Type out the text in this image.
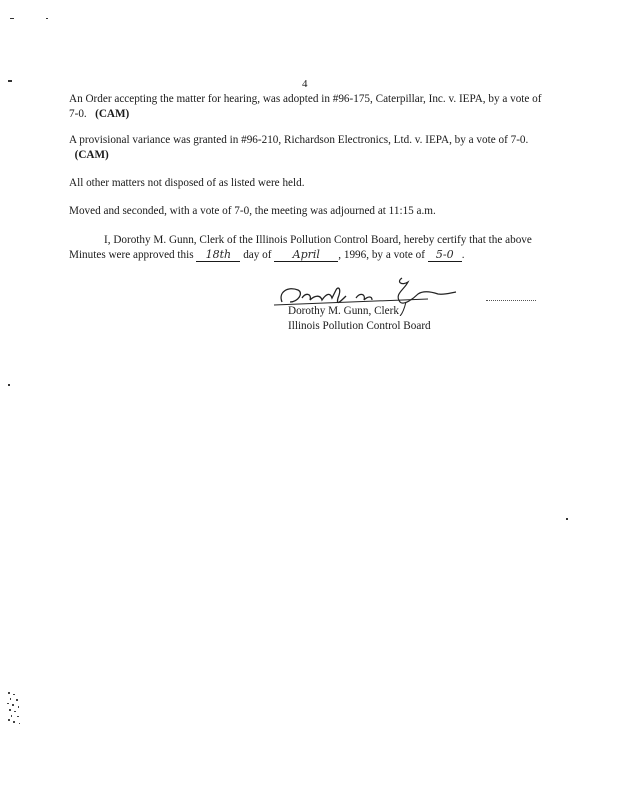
4
An Order accepting the matter for hearing, was adopted in #96-175, Caterpillar, Inc. v. IEPA, by a vote of 7-0. (CAM)
A provisional variance was granted in #96-210, Richardson Electronics, Ltd. v. IEPA, by a vote of 7-0.   (CAM)
All other matters not disposed of as listed were held.
Moved and seconded, with a vote of 7-0, the meeting was adjourned at 11:15 a.m.
I, Dorothy M. Gunn, Clerk of the Illinois Pollution Control Board, hereby certify that the above Minutes were approved this 18th day of April , 1996, by a vote of 5-0 .
Dorothy M. Gunn, Clerk
Illinois Pollution Control Board
